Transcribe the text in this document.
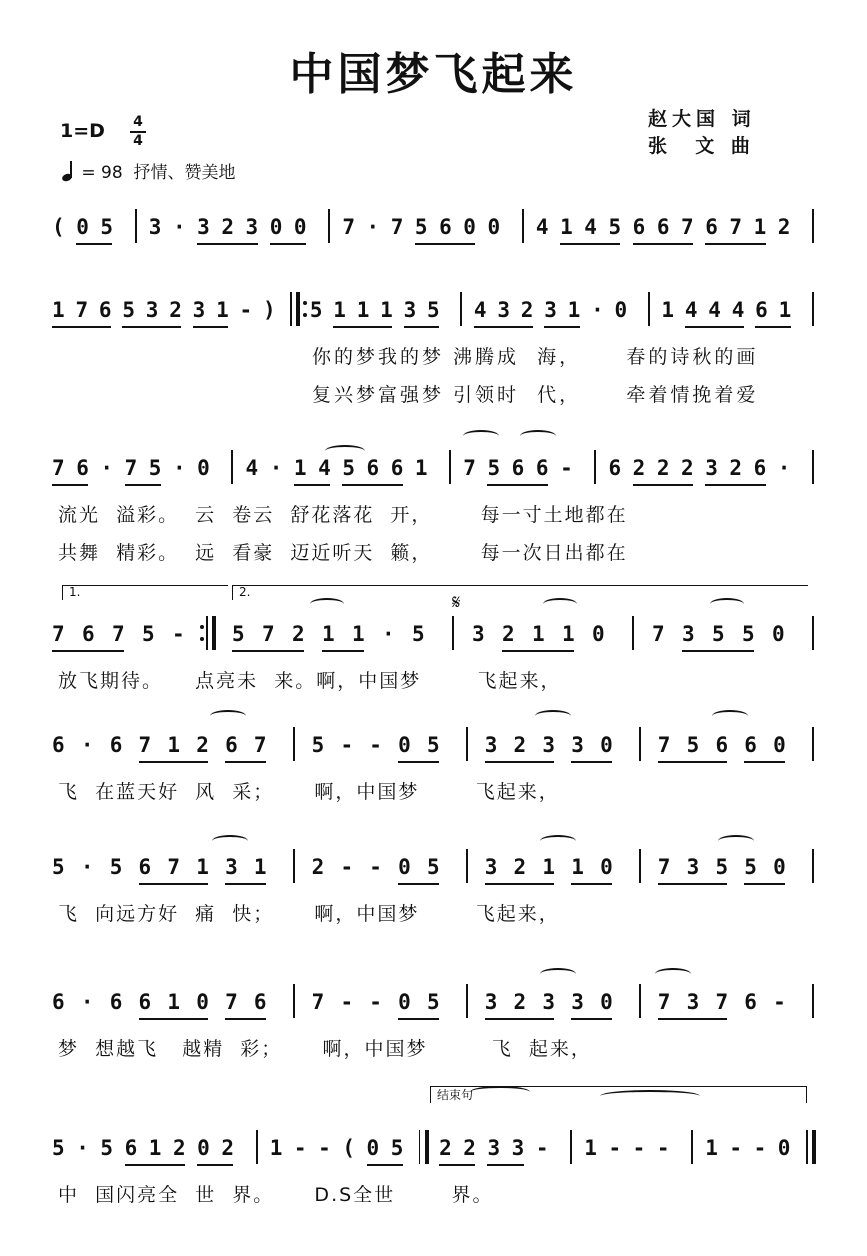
中国梦飞起来
赵大国 词
张  文 曲
1=D	4
4
= 98 抒情、赞美地
( 0 5 3 · 3 2 3 0 0 7 · 7 5 6 0 0 4 1 4 5 6 6 7 6 7 1 2
1 7 6 5 3 2 3 1 - ) 5 1 1 1 3 5 4 3 2 3 1 · 0 1 4 4 4 6 1
你的梦我的梦 沸腾成  海，     春的诗秋的画
复兴梦富强梦 引领时  代，     牵着情挽着爱
7 6 · 7 5 · 0 4 · 1 4 5 6 6 1 7 5 6 6 - 6 2 2 2 3 2 6 ·
流光  溢彩。  云  卷云  舒花落花  开，      每一寸土地都在
共舞  精彩。  远  看豪  迈近听天  籁，      每一次日出都在
7 6 7 5 - 5 7 2 1 1 · 5 3 2 1 1 0 7 3 5 5 0
放飞期待。    点亮未  来。啊，中国梦       飞起来，
6 · 6 7 1 2 6 7 5 - - 0 5 3 2 3 3 0 7 5 6 6 0
飞  在蓝天好  风  采；     啊，中国梦       飞起来，
5 · 5 6 7 1 3 1 2 - - 0 5 3 2 1 1 0 7 3 5 5 0
飞  向远方好  痛  快；     啊，中国梦       飞起来，
6 · 6 6 1 0 7 6 7 - - 0 5 3 2 3 3 0 7 3 7 6 -
梦  想越飞   越精  彩；     啊，中国梦        飞  起来，
5 · 5 6 1 2 0 2 1 - - ( 0 5 2 2 3 3 - 1 - - - 1 - - 0
中  国闪亮全  世  界。     D.S全世       界。
1.	2.	𝄋
结束句
